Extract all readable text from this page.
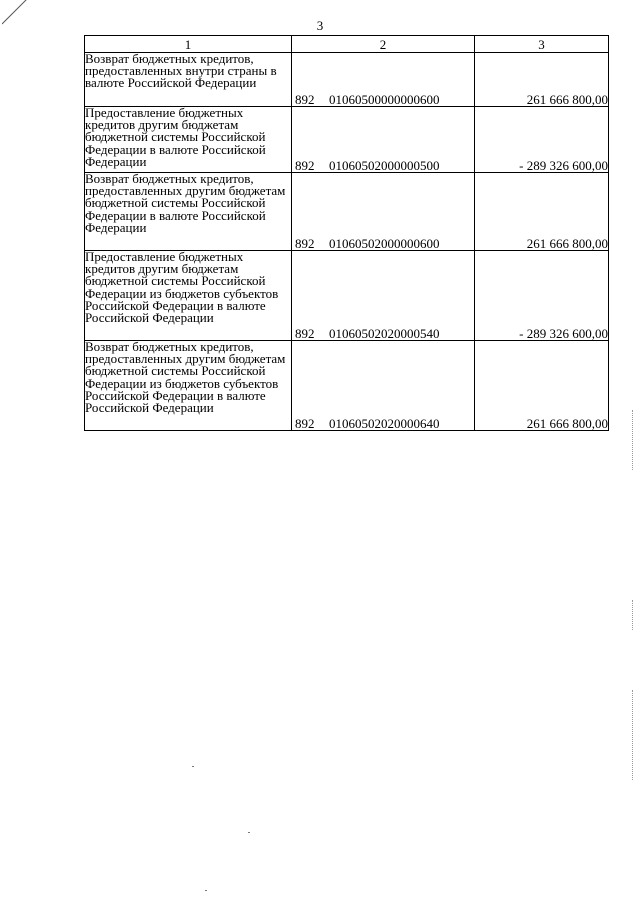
3
1	2	3
Возврат бюджетных кредитов, предоставленных внутри страны в валюте Российской Федерации	892 01060500000000600	261 666 800,00
Предоставление бюджетных кредитов другим бюджетам бюджетной системы Российской Федерации в валюте Российской Федерации	892 01060502000000500	- 289 326 600,00
Возврат бюджетных кредитов, предоставленных другим бюджетам бюджетной системы Российской Федерации в валюте Российской Федерации	892 01060502000000600	261 666 800,00
Предоставление бюджетных кредитов другим бюджетам бюджетной системы Российской Федерации из бюджетов субъектов Российской Федерации в валюте Российской Федерации	892 01060502020000540	- 289 326 600,00
Возврат бюджетных кредитов, предоставленных другим бюджетам бюджетной системы Российской Федерации из бюджетов субъектов Российской Федерации в валюте Российской Федерации	892 01060502020000640	261 666 800,00
